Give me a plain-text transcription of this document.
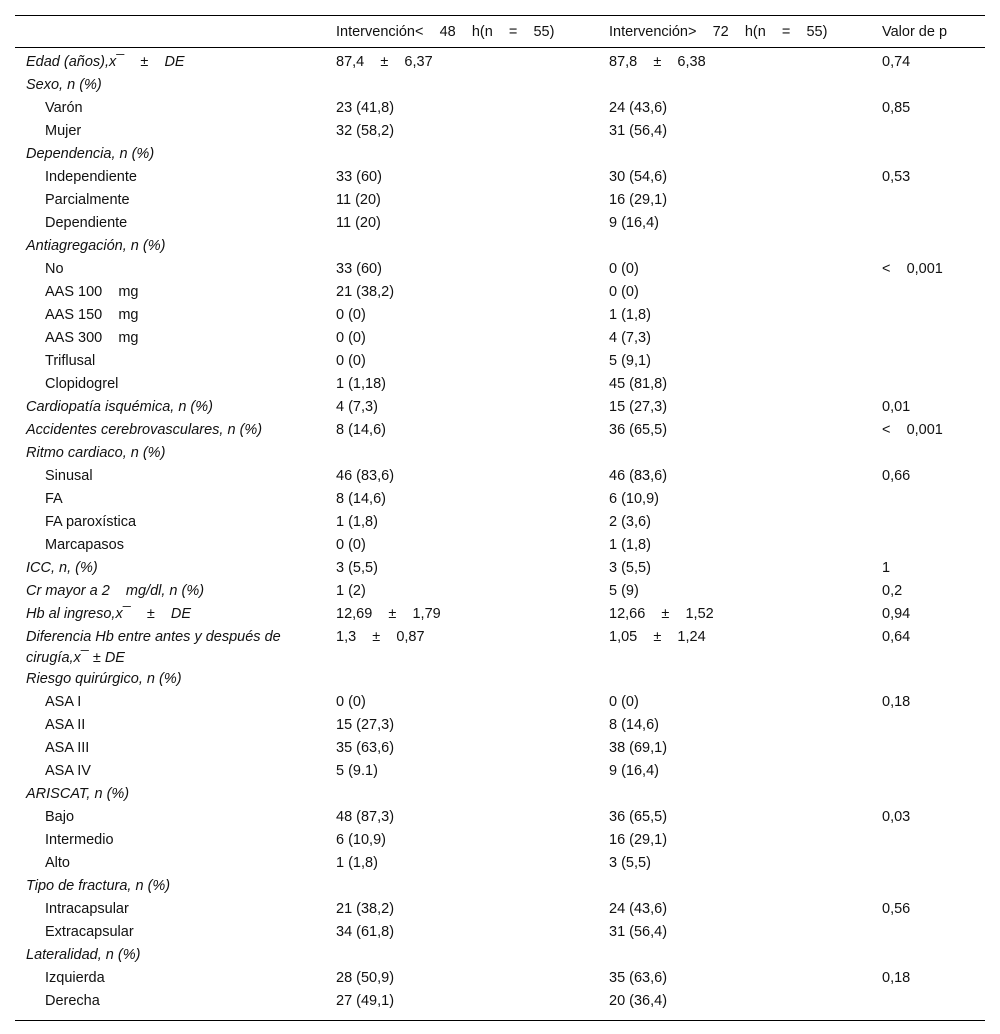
	Intervención<    48    h(n    =    55)	Intervención>    72    h(n    =    55)	Valor de p
Edad (años),x¯    ±    DE	87,4    ±    6,37	87,8    ±    6,38	0,74
Sexo, n (%)			
Varón	23 (41,8)	24 (43,6)	0,85
Mujer	32 (58,2)	31 (56,4)	
Dependencia, n (%)			
Independiente	33 (60)	30 (54,6)	0,53
Parcialmente	11 (20)	16 (29,1)	
Dependiente	11 (20)	9 (16,4)	
Antiagregación, n (%)			
No	33 (60)	0 (0)	<    0,001
AAS 100    mg	21 (38,2)	0 (0)	
AAS 150    mg	0 (0)	1 (1,8)	
AAS 300    mg	0 (0)	4 (7,3)	
Triflusal	0 (0)	5 (9,1)	
Clopidogrel	1 (1,18)	45 (81,8)	
Cardiopatía isquémica, n (%)	4 (7,3)	15 (27,3)	0,01
Accidentes cerebrovasculares, n (%)	8 (14,6)	36 (65,5)	<    0,001
Ritmo cardiaco, n (%)			
Sinusal	46 (83,6)	46 (83,6)	0,66
FA	8 (14,6)	6 (10,9)	
FA paroxística	1 (1,8)	2 (3,6)	
Marcapasos	0 (0)	1 (1,8)	
ICC, n, (%)	3 (5,5)	3 (5,5)	1
Cr mayor a 2    mg/dl, n (%)	1 (2)	5 (9)	0,2
Hb al ingreso,x¯    ±    DE	12,69    ±    1,79	12,66    ±    1,52	0,94
Diferencia Hb entre antes y después de cirugía,x¯ ± DE	1,3    ±    0,87	1,05    ±    1,24	0,64
Riesgo quirúrgico, n (%)			
ASA I	0 (0)	0 (0)	0,18
ASA II	15 (27,3)	8 (14,6)	
ASA III	35 (63,6)	38 (69,1)	
ASA IV	5 (9.1)	9 (16,4)	
ARISCAT, n (%)			
Bajo	48 (87,3)	36 (65,5)	0,03
Intermedio	6 (10,9)	16 (29,1)	
Alto	1 (1,8)	3 (5,5)	
Tipo de fractura, n (%)			
Intracapsular	21 (38,2)	24 (43,6)	0,56
Extracapsular	34 (61,8)	31 (56,4)	
Lateralidad, n (%)			
Izquierda	28 (50,9)	35 (63,6)	0,18
Derecha	27 (49,1)	20 (36,4)	
